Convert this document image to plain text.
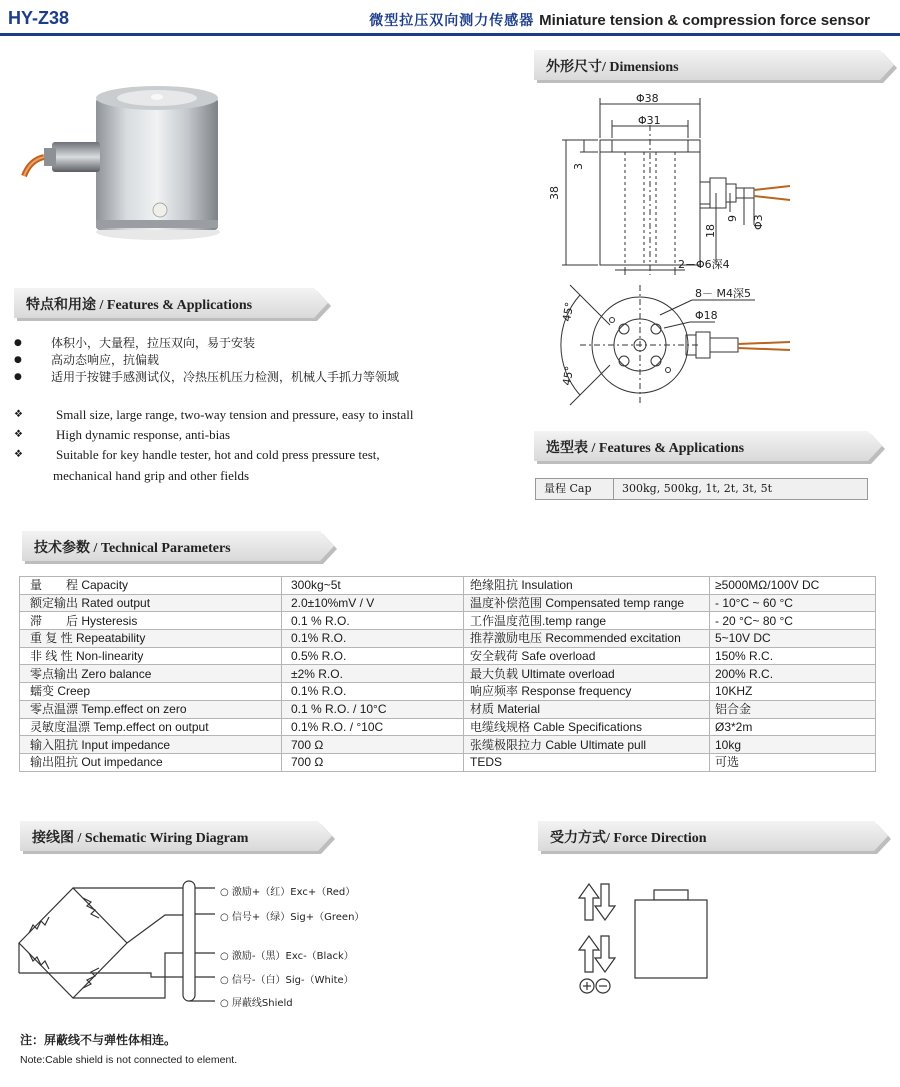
HY-Z38	微型拉压双向测力传感器 Miniature tension & compression force sensor
特点和用途 / Features & Applications
● 体积小，大量程，拉压双向，易于安装
● 高动态响应，抗偏载
● 适用于按键手感测试仪，冷热压机压力检测，机械人手抓力等领域
❖ Small size, large range, two-way tension and pressure, easy to install
❖ High dynamic response, anti-bias
❖ Suitable for key handle tester, hot and cold press pressure test,
mechanical hand grip and other fields
外形尺寸/ Dimensions
Φ38
Φ31
38
3
18
9 Φ3
2－Φ6深4
8－ M4深5
Φ18
45°
45°
选型表 / Features & Applications
量程 Cap	300kg, 500kg, 1t, 2t, 3t, 5t
技术参数 / Technical Parameters
量　　程 Capacity	300kg~5t	绝缘阻抗 Insulation	≥5000MΩ/100V DC
额定输出 Rated output	2.0±10%mV / V	温度补偿范围 Compensated temp range	- 10°C ~ 60 °C
滞　　后 Hysteresis	0.1 % R.O.	工作温度范围.temp range	- 20 °C~ 80 °C
重 复 性 Repeatability	0.1% R.O.	推荐激励电压 Recommended excitation	5~10V DC
非 线 性 Non-linearity	0.5% R.O.	安全载荷 Safe overload	150% R.C.
零点输出 Zero balance	±2% R.O.	最大负载 Ultimate overload	200% R.C.
蠕变 Creep	0.1% R.O.	响应频率 Response frequency	10KHZ
零点温漂 Temp.effect on zero	0.1 % R.O. / 10°C	材质 Material	铝合金
灵敏度温漂 Temp.effect on output	0.1% R.O. / °10C	电缆线规格 Cable Specifications	Ø3*2m
输入阻抗 Input impedance	700 Ω	张缆极限拉力 Cable Ultimate pull	10kg
输出阻抗 Out impedance	700 Ω	TEDS	可选
接线图 / Schematic Wiring Diagram
○ 激励+（红）Exc+（Red）
○ 信号+（绿）Sig+（Green）
○ 激励-（黑）Exc-（Black）
○ 信号-（白）Sig-（White）
○ 屏蔽线Shield
受力方式/ Force Direction
注：屏蔽线不与弹性体相连。
Note:Cable shield is not connected to element.
